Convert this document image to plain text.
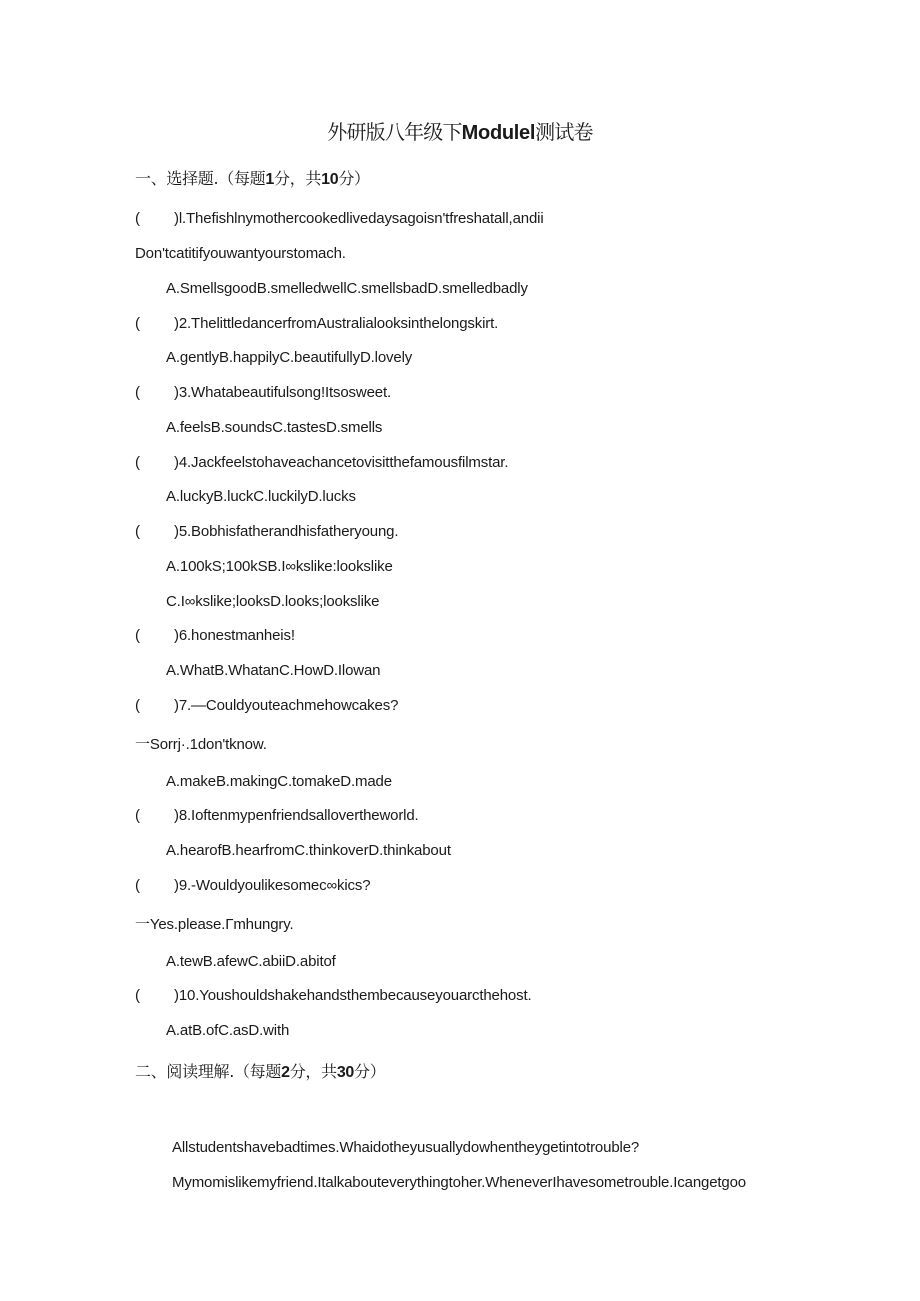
外研版八年级下Modulel测试卷
一、选择题.（每题1分，共10分）
( )l.Thefishlnymothercookedlivedaysagoisn'tfreshatall,andii
Don'tcatitifyouwantyourstomach.
A.SmellsgoodB.smelledwellC.smellsbadD.smelledbadly
( )2.ThelittledancerfromAustralialooksinthelongskirt.
A.gentlyB.happilyC.beautifullyD.lovely
( )3.Whatabeautifulsong!Itsosweet.
A.feelsB.soundsC.tastesD.smells
( )4.Jackfeelstohaveachancetovisitthefamousfilmstar.
A.luckyB.luckC.luckilyD.lucks
( )5.Bobhisfatherandhisfatheryoung.
A.100kS;100kSB.I∞kslike:lookslike
C.I∞kslike;looksD.looks;lookslike
( )6.honestmanheis!
A.WhatB.WhatanC.HowD.Ilowan
( )7.—Couldyouteachmehowcakes?
一Sorrj·.1don'tknow.
A.makeB.makingC.tomakeD.made
( )8.Ioftenmypenfriendsallovertheworld.
A.hearofB.hearfromC.thinkoverD.thinkabout
( )9.-Wouldyoulikesomec∞kics?
一Yes.please.Γmhungry.
A.tewB.afewC.abiiD.abitof
( )10.Youshouldshakehandsthembecauseyouarcthehost.
A.atB.ofC.asD.with
二、阅读理解.（每题2分，共30分）
Allstudentshavebadtimes.Whaidotheyusuallydowhentheygetintotrouble?
Mymomislikemyfriend.Italkabouteverythingtoher.WheneverIhavesometrouble.Icangetgoo
